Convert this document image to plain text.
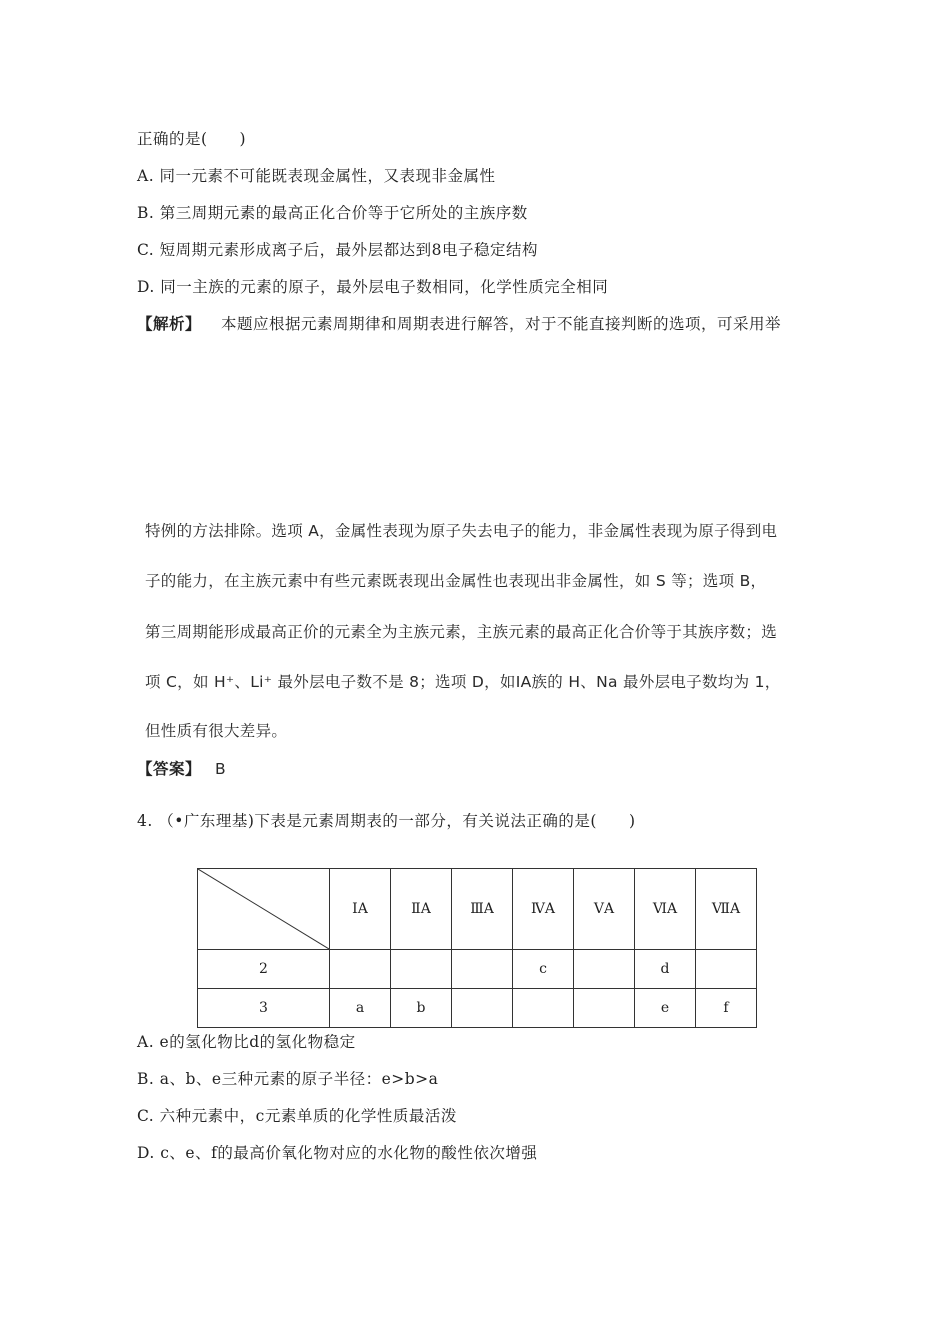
正确的是(　　)
A. 同一元素不可能既表现金属性，又表现非金属性
B. 第三周期元素的最高正化合价等于它所处的主族序数
C. 短周期元素形成离子后，最外层都达到8电子稳定结构
D. 同一主族的元素的原子，最外层电子数相同，化学性质完全相同
【解析】 本题应根据元素周期律和周期表进行解答，对于不能直接判断的选项，可采用举
特例的方法排除。选项 A，金属性表现为原子失去电子的能力，非金属性表现为原子得到电
子的能力，在主族元素中有些元素既表现出金属性也表现出非金属性，如 S 等；选项 B，
第三周期能形成最高正价的元素全为主族元素，主族元素的最高正化合价等于其族序数；选
项 C，如 H⁺、Li⁺ 最外层电子数不是 8；选项 D，如ⅠA族的 H、Na 最外层电子数均为 1，
但性质有很大差异。
【答案】 B
4. （•广东理基)下表是元素周期表的一部分，有关说法正确的是(　　)
	ⅠA	ⅡA	ⅢA	ⅣA	ⅤA	ⅥA	ⅦA
2				c		d	
3	a	b				e	f
A. e的氢化物比d的氢化物稳定
B. a、b、e三种元素的原子半径：e>b>a
C. 六种元素中，c元素单质的化学性质最活泼
D. c、e、f的最高价氧化物对应的水化物的酸性依次增强
